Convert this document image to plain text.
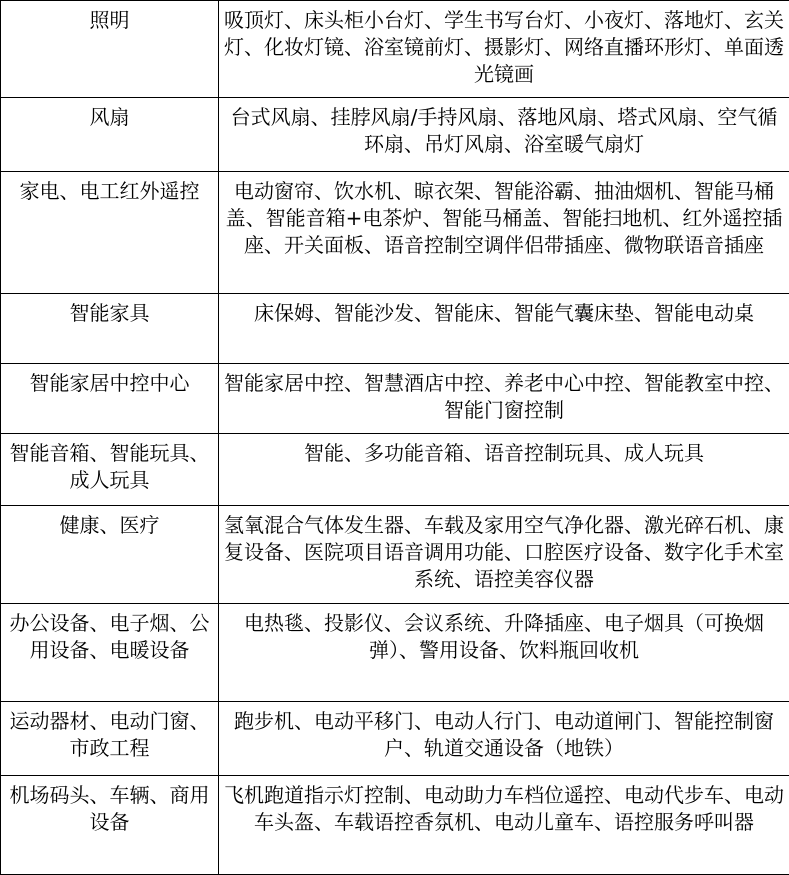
照明	吸顶灯、床头柜小台灯、学生书写台灯、小夜灯、落地灯、玄关灯、化妆灯镜、浴室镜前灯、摄影灯、网络直播环形灯、单面透光镜画
风扇	台式风扇、挂脖风扇/手持风扇、落地风扇、塔式风扇、空气循环扇、吊灯风扇、浴室暖气扇灯
家电、电工红外遥控	电动窗帘、饮水机、晾衣架、智能浴霸、抽油烟机、智能马桶盖、智能音箱+电茶炉、智能马桶盖、智能扫地机、红外遥控插座、开关面板、语音控制空调伴侣带插座、微物联语音插座
智能家具	床保姆、智能沙发、智能床、智能气囊床垫、智能电动桌
智能家居中控中心	智能家居中控、智慧酒店中控、养老中心中控、智能教室中控、智能门窗控制
智能音箱、智能玩具、成人玩具	智能、多功能音箱、语音控制玩具、成人玩具
健康、医疗	氢氧混合气体发生器、车载及家用空气净化器、激光碎石机、康复设备、医院项目语音调用功能、口腔医疗设备、数字化手术室系统、语控美容仪器
办公设备、电子烟、公用设备、电暖设备	电热毯、投影仪、会议系统、升降插座、电子烟具（可换烟弹）、警用设备、饮料瓶回收机
运动器材、电动门窗、市政工程	跑步机、电动平移门、电动人行门、电动道闸门、智能控制窗户、轨道交通设备（地铁）
机场码头、车辆、商用设备	飞机跑道指示灯控制、电动助力车档位遥控、电动代步车、电动车头盔、车载语控香氛机、电动儿童车、语控服务呼叫器
